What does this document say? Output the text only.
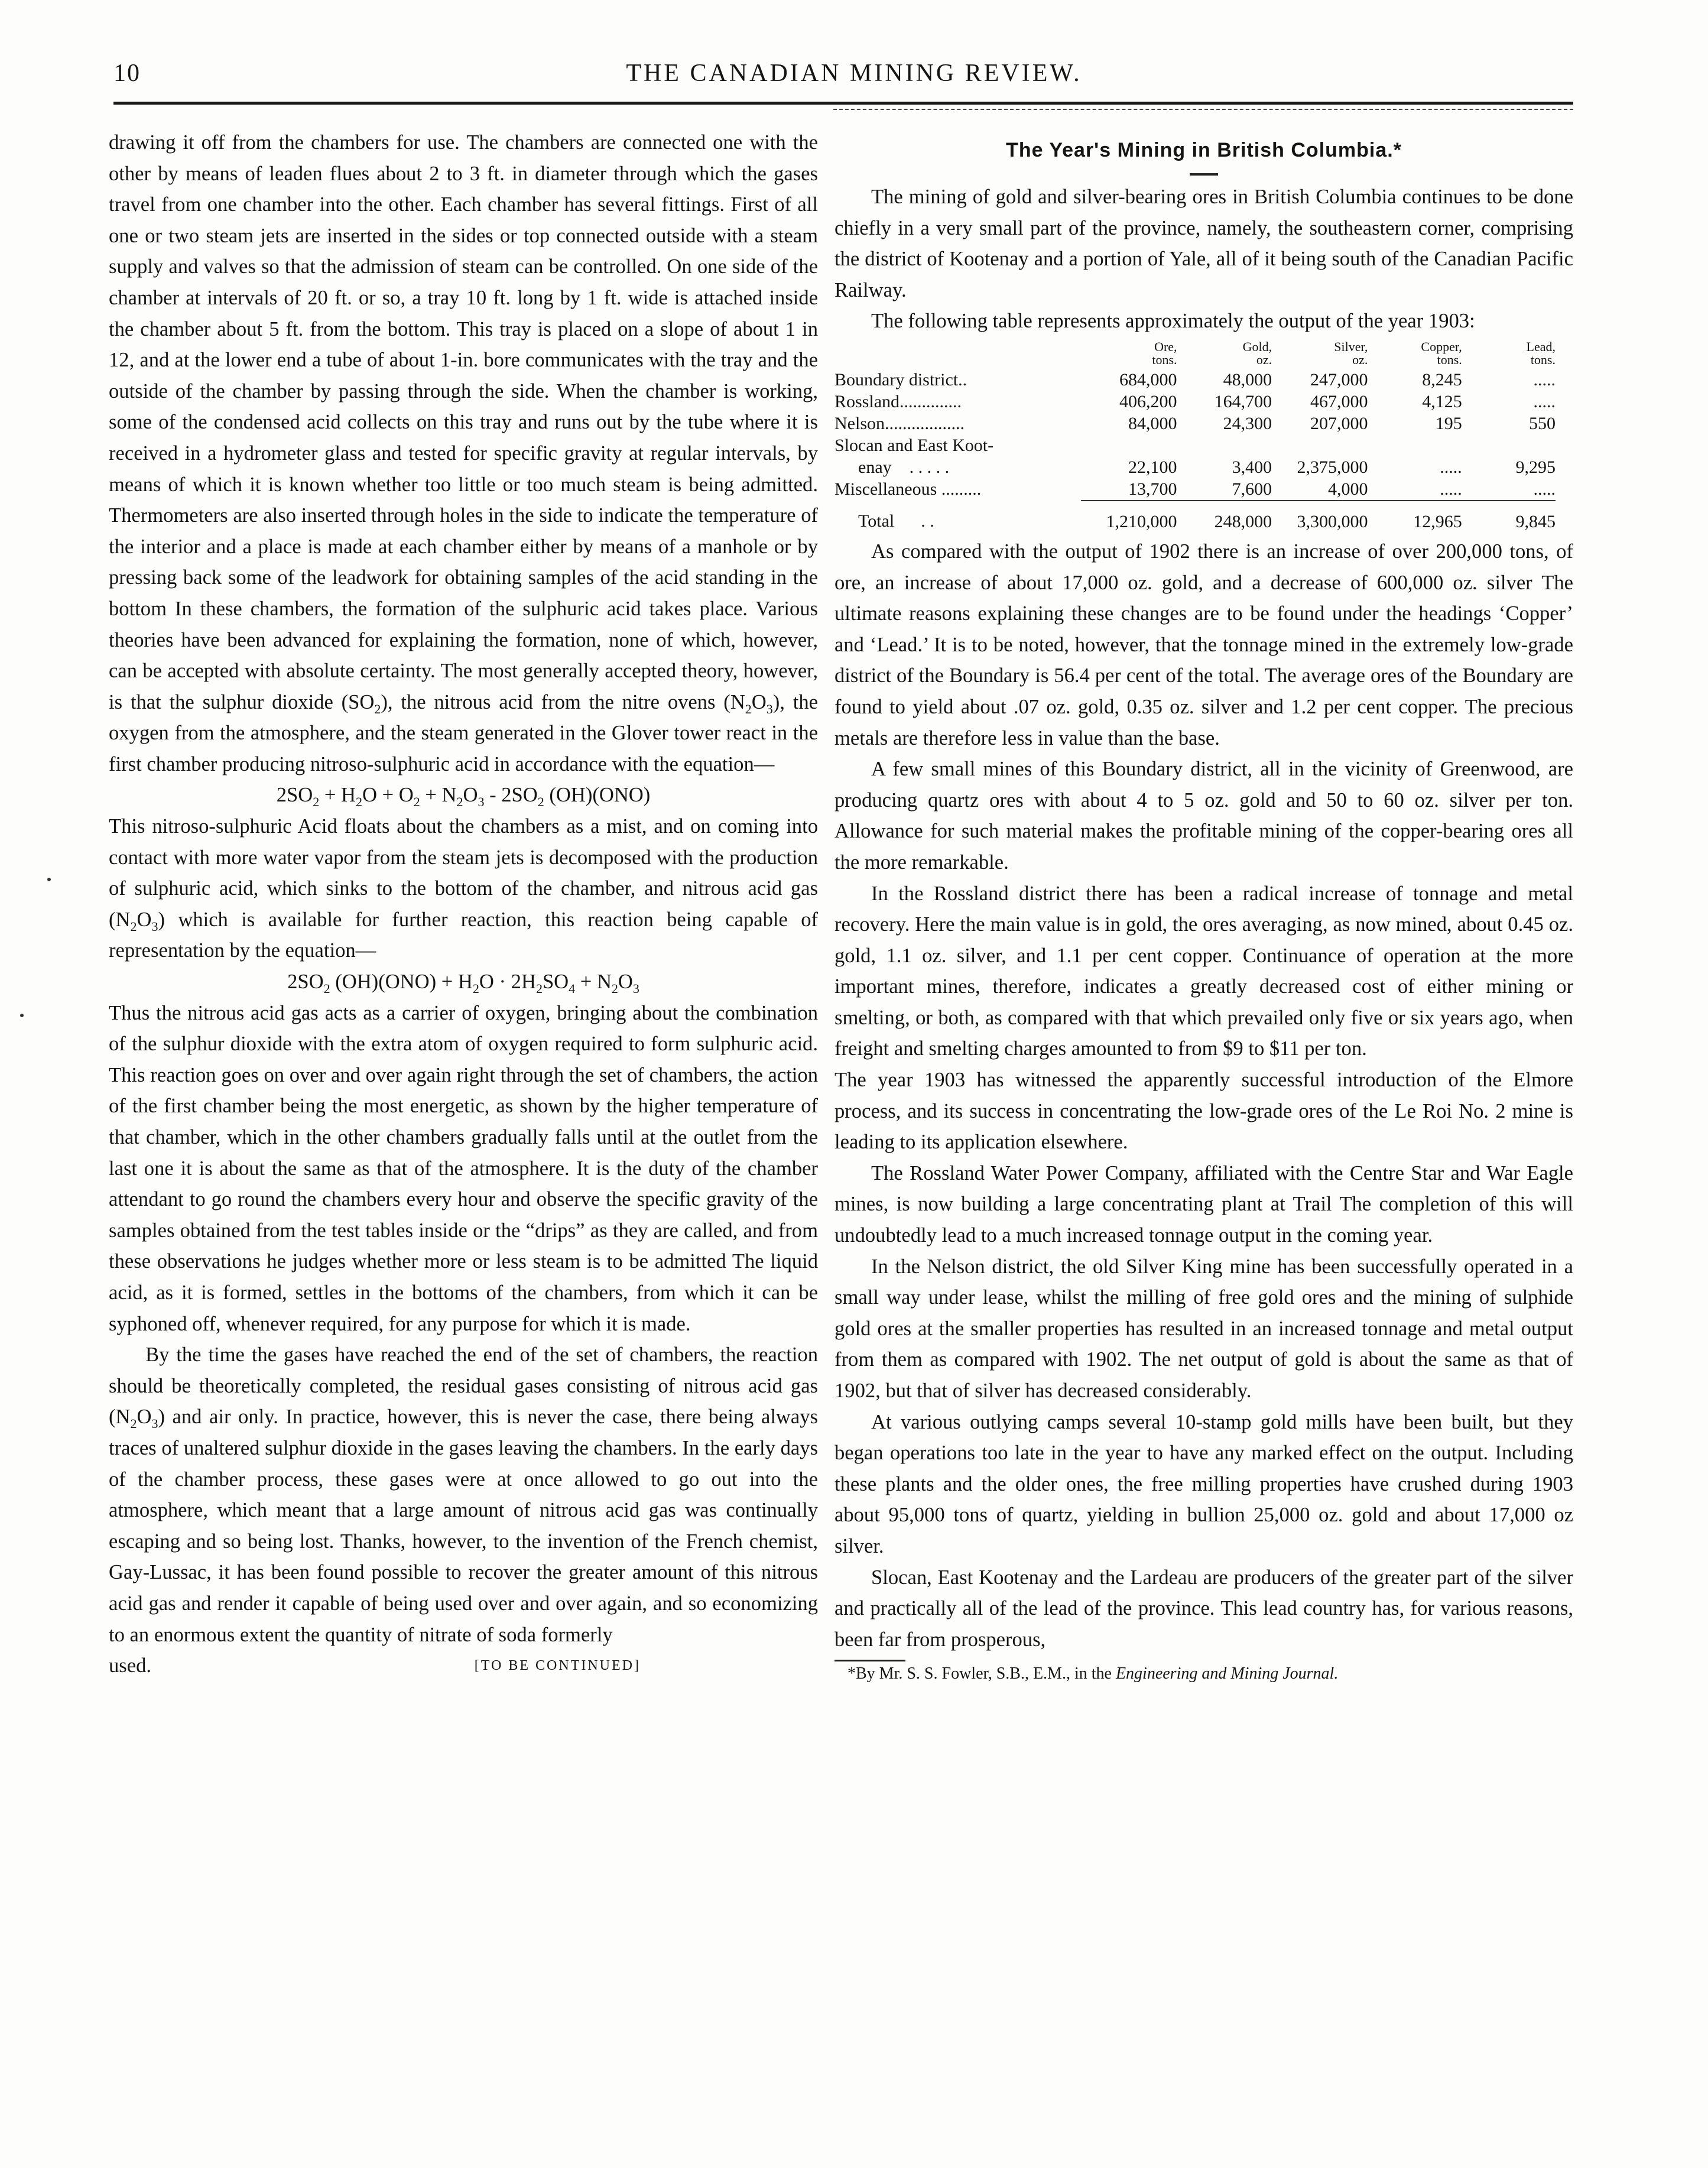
10	THE CANADIAN MINING REVIEW.

drawing it off from the chambers for use. The chambers are connected one with the other by means of leaden flues about 2 to 3 ft. in diameter through which the gases travel from one chamber into the other. Each chamber has several fittings. First of all one or two steam jets are inserted in the sides or top connected outside with a steam supply and valves so that the admission of steam can be controlled. On one side of the chamber at intervals of 20 ft. or so, a tray 10 ft. long by 1 ft. wide is attached inside the chamber about 5 ft. from the bottom. This tray is placed on a slope of about 1 in 12, and at the lower end a tube of about 1-in. bore communicates with the tray and the outside of the chamber by passing through the side. When the chamber is working, some of the condensed acid collects on this tray and runs out by the tube where it is received in a hydrometer glass and tested for specific gravity at regular intervals, by means of which it is known whether too little or too much steam is being admitted. Thermometers are also inserted through holes in the side to indicate the temperature of the interior and a place is made at each chamber either by means of a manhole or by pressing back some of the leadwork for obtaining samples of the acid standing in the bottom In these chambers, the formation of the sulphuric acid takes place. Various theories have been advanced for explaining the formation, none of which, however, can be accepted with absolute certainty. The most generally accepted theory, however, is that the sulphur dioxide $(SO_2)$, the nitrous acid from the nitre ovens $(N_2O_3)$, the oxygen from the atmosphere, and the steam generated in the Glover tower react in the first chamber producing nitroso-sulphuric acid in accordance with the equation—

$2SO_2 + H_2O + O_2 + N_2O_3 - 2SO_2$ (OH)(ONO)

This nitroso-sulphuric Acid floats about the chambers as a mist, and on coming into contact with more water vapor from the steam jets is decomposed with the production of sulphuric acid, which sinks to the bottom of the chamber, and nitrous acid gas $(N_2O_3)$ which is available for further reaction, this reaction being capable of representation by the equation—

$2SO_2$ $(OH)(ONO) + H_2O \cdot 2H_2SO_4 + N_2O_3$

Thus the nitrous acid gas acts as a carrier of oxygen, bringing about the combination of the sulphur dioxide with the extra atom of oxygen required to form sulphuric acid. This reaction goes on over and over again right through the set of chambers, the action of the first chamber being the most energetic, as shown by the higher temperature of that chamber, which in the other chambers gradually falls until at the outlet from the last one it is about the same as that of the atmosphere. It is the duty of the chamber attendant to go round the chambers every hour and observe the specific gravity of the samples obtained from the test tables inside or the “drips” as they are called, and from these observations he judges whether more or less steam is to be admitted The liquid acid, as it is formed, settles in the bottoms of the chambers, from which it can be syphoned off, whenever required, for any purpose for which it is made.

By the time the gases have reached the end of the set of chambers, the reaction should be theoretically completed, the residual gases consisting of nitrous acid gas $(N_2O_3)$ and air only. In practice, however, this is never the case, there being always traces of unaltered sulphur dioxide in the gases leaving the chambers. In the early days of the chamber process, these gases were at once allowed to go out into the atmosphere, which meant that a large amount of nitrous acid gas was continually escaping and so being lost. Thanks, however, to the invention of the French chemist, Gay-Lussac, it has been found possible to recover the greater amount of this nitrous acid gas and render it capable of being used over and over again, and so economizing to an enormous extent the quantity of nitrate of soda formerly

used.	[TO BE CONTINUED]
The Year's Mining in British Columbia.*

The mining of gold and silver-bearing ores in British Columbia continues to be done chiefly in a very small part of the province, namely, the southeastern corner, comprising the district of Kootenay and a portion of Yale, all of it being south of the Canadian Pacific Railway.

The following table represents approximately the output of the year 1903:

	Ore,
tons.	Gold,
oz.	Silver,
oz.	Copper,
tons.	Lead,
tons.
Boundary district..	684,000	48,000	247,000	8,245	.....
Rossland..............	406,200	164,700	467,000	4,125	.....
Nelson..................	84,000	24,300	207,000	195	550
Slocan and East Koot-					
enay . . . . .	22,100	3,400	2,375,000	.....	9,295
Miscellaneous .........	13,700	7,600	4,000	.....	.....
Total . .	1,210,000	248,000	3,300,000	12,965	9,845

As compared with the output of 1902 there is an increase of over 200,000 tons, of ore, an increase of about 17,000 oz. gold, and a decrease of 600,000 oz. silver The ultimate reasons explaining these changes are to be found under the headings ‘Copper’ and ‘Lead.’ It is to be noted, however, that the tonnage mined in the extremely low-grade district of the Boundary is 56.4 per cent of the total. The average ores of the Boundary are found to yield about .07 oz. gold, 0.35 oz. silver and 1.2 per cent copper. The precious metals are therefore less in value than the base.

A few small mines of this Boundary district, all in the vicinity of Greenwood, are producing quartz ores with about 4 to 5 oz. gold and 50 to 60 oz. silver per ton. Allowance for such material makes the profitable mining of the copper-bearing ores all the more remarkable.

In the Rossland district there has been a radical increase of tonnage and metal recovery. Here the main value is in gold, the ores averaging, as now mined, about 0.45 oz. gold, 1.1 oz. silver, and 1.1 per cent copper. Continuance of operation at the more important mines, therefore, indicates a greatly decreased cost of either mining or smelting, or both, as compared with that which prevailed only five or six years ago, when freight and smelting charges amounted to from $9 to $11 per ton.

The year 1903 has witnessed the apparently successful introduction of the Elmore process, and its success in concentrating the low-grade ores of the Le Roi No. 2 mine is leading to its application elsewhere.

The Rossland Water Power Company, affiliated with the Centre Star and War Eagle mines, is now building a large concentrating plant at Trail The completion of this will undoubtedly lead to a much increased tonnage output in the coming year.

In the Nelson district, the old Silver King mine has been successfully operated in a small way under lease, whilst the milling of free gold ores and the mining of sulphide gold ores at the smaller properties has resulted in an increased tonnage and metal output from them as compared with 1902. The net output of gold is about the same as that of 1902, but that of silver has decreased considerably.

At various outlying camps several 10-stamp gold mills have been built, but they began operations too late in the year to have any marked effect on the output. Including these plants and the older ones, the free milling properties have crushed during 1903 about 95,000 tons of quartz, yielding in bullion 25,000 oz. gold and about 17,000 oz silver.

Slocan, East Kootenay and the Lardeau are producers of the greater part of the silver and practically all of the lead of the province. This lead country has, for various reasons, been far from prosperous,

*By Mr. S. S. Fowler, S.B., E.M., in the Engineering and Mining Journal.
